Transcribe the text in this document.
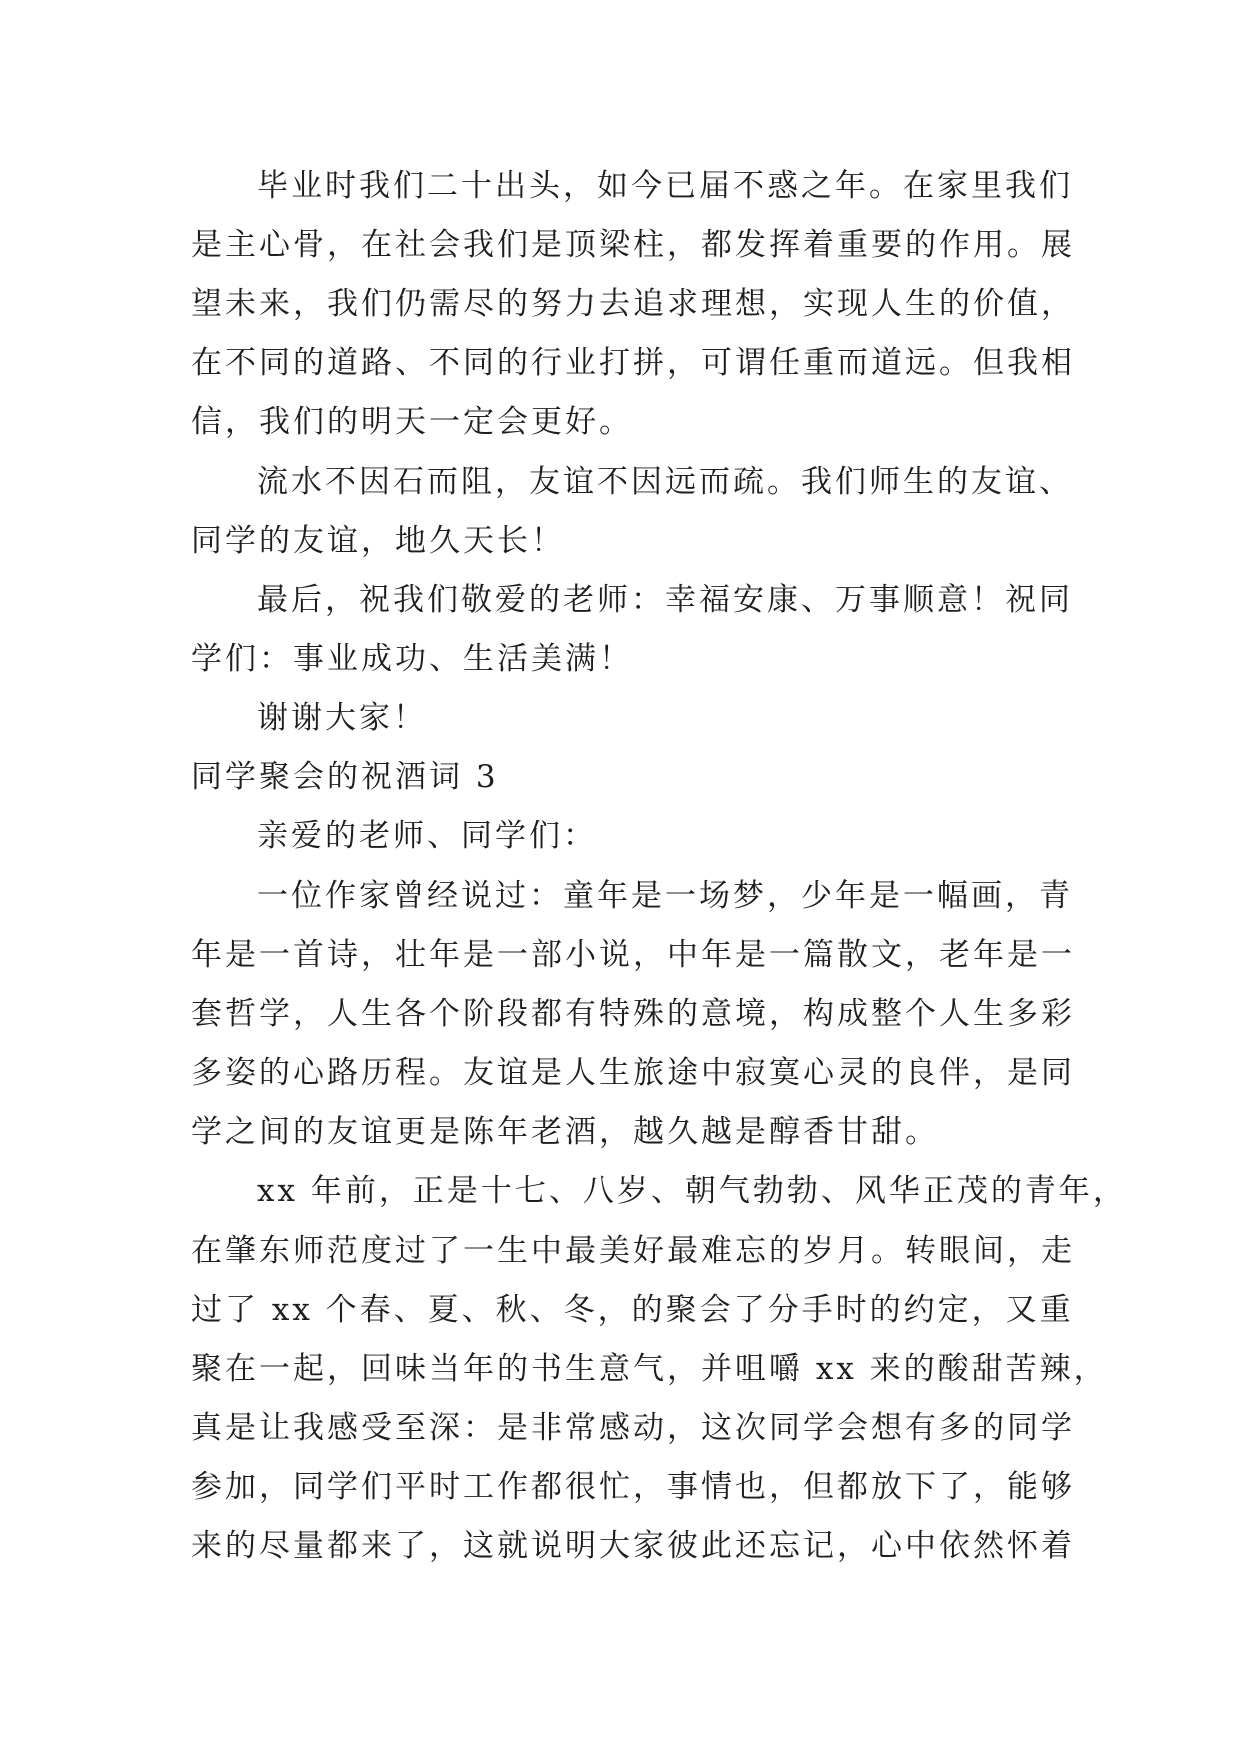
毕业时我们二十出头，如今已届不惑之年。在家里我们
是主心骨，在社会我们是顶梁柱，都发挥着重要的作用。展
望未来，我们仍需尽的努力去追求理想，实现人生的价值，
在不同的道路、不同的行业打拼，可谓任重而道远。但我相
信，我们的明天一定会更好。
流水不因石而阻，友谊不因远而疏。我们师生的友谊、
同学的友谊，地久天长！
最后，祝我们敬爱的老师：幸福安康、万事顺意！祝同
学们：事业成功、生活美满！
谢谢大家！
同学聚会的祝酒词 3
亲爱的老师、同学们：
一位作家曾经说过：童年是一场梦，少年是一幅画，青
年是一首诗，壮年是一部小说，中年是一篇散文，老年是一
套哲学，人生各个阶段都有特殊的意境，构成整个人生多彩
多姿的心路历程。友谊是人生旅途中寂寞心灵的良伴，是同
学之间的友谊更是陈年老酒，越久越是醇香甘甜。
xx 年前，正是十七、八岁、朝气勃勃、风华正茂的青年，
在肇东师范度过了一生中最美好最难忘的岁月。转眼间，走
过了 xx 个春、夏、秋、冬，的聚会了分手时的约定，又重
聚在一起，回味当年的书生意气，并咀嚼 xx 来的酸甜苦辣，
真是让我感受至深：是非常感动，这次同学会想有多的同学
参加，同学们平时工作都很忙，事情也，但都放下了，能够
来的尽量都来了，这就说明大家彼此还忘记，心中依然怀着
